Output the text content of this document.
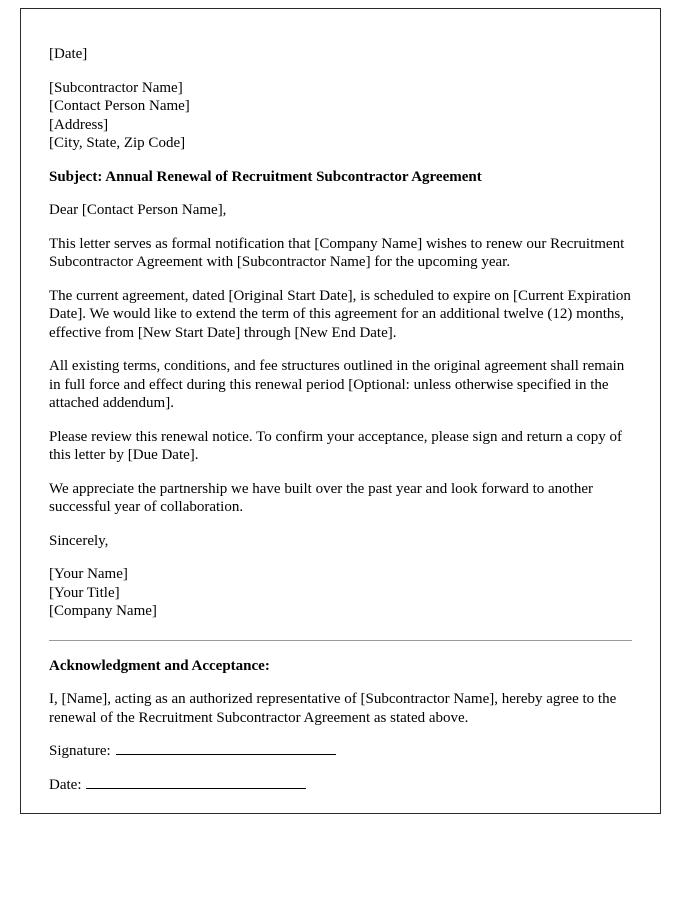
[Date]

[Subcontractor Name]

[Contact Person Name]

[Address]

[City, State, Zip Code]

Subject: Annual Renewal of Recruitment Subcontractor Agreement

Dear [Contact Person Name],

This letter serves as formal notification that [Company Name] wishes to renew our Recruitment Subcontractor Agreement with [Subcontractor Name] for the upcoming year.

The current agreement, dated [Original Start Date], is scheduled to expire on [Current Expiration Date]. We would like to extend the term of this agreement for an additional twelve (12) months, effective from [New Start Date] through [New End Date].

All existing terms, conditions, and fee structures outlined in the original agreement shall remain in full force and effect during this renewal period [Optional: unless otherwise specified in the attached addendum].

Please review this renewal notice. To confirm your acceptance, please sign and return a copy of this letter by [Due Date].

We appreciate the partnership we have built over the past year and look forward to another successful year of collaboration.

Sincerely,

[Your Name]

[Your Title]

[Company Name]

Acknowledgment and Acceptance:

I, [Name], acting as an authorized representative of [Subcontractor Name], hereby agree to the renewal of the Recruitment Subcontractor Agreement as stated above.

Signature:

Date:
